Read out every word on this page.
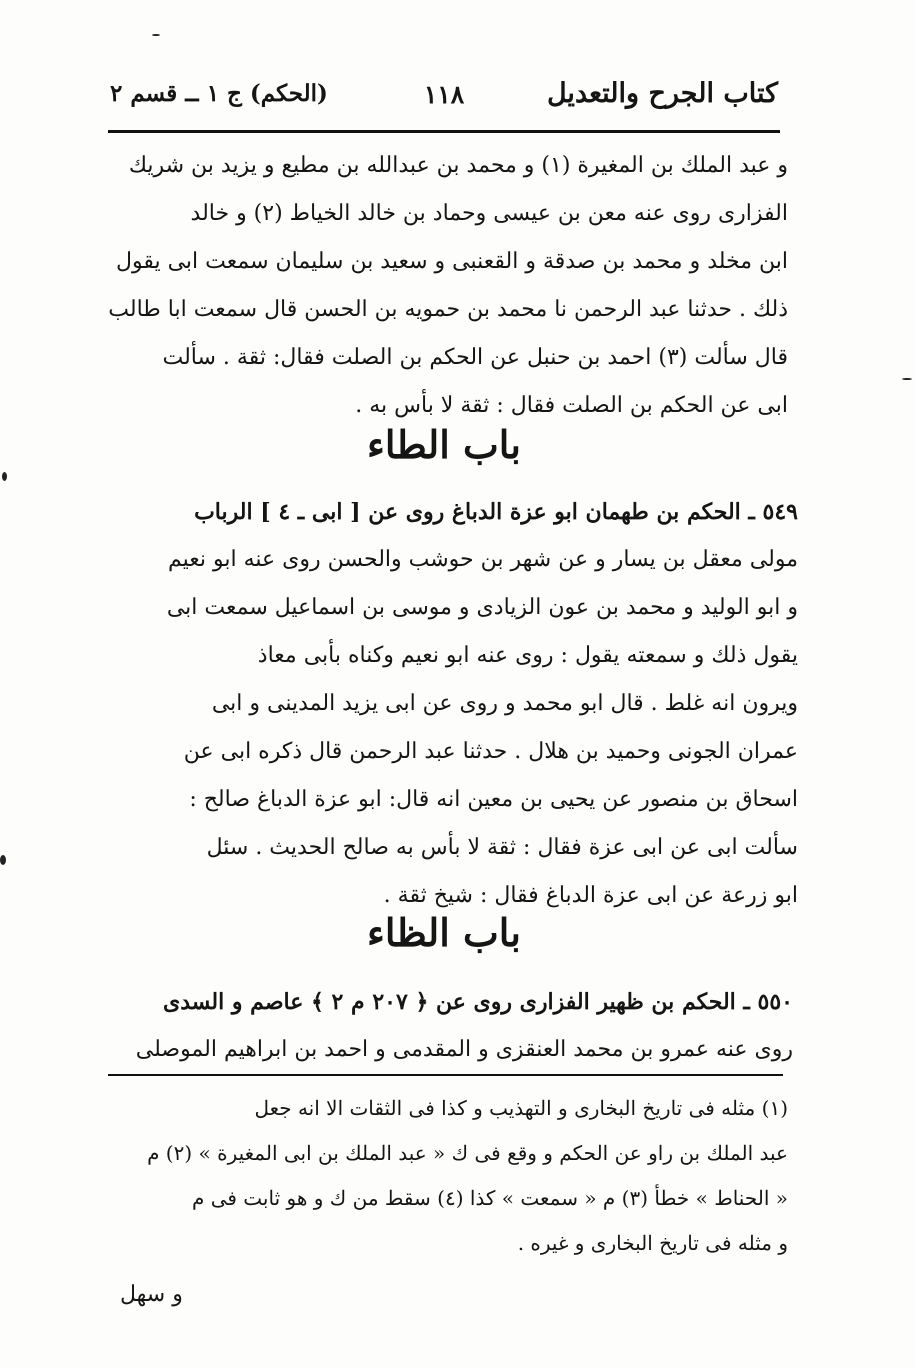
كتاب الجرح والتعديل
١١٨
(الحكم) ج ١ ــ قسم ٢
و عبد الملك بن المغيرة (١) و محمد بن عبدالله بن مطيع و يزيد بن شريك
الفزارى روى عنه معن بن عيسى وحماد بن خالد الخياط (٢) و خالد
ابن مخلد و محمد بن صدقة و القعنبى و سعيد بن سليمان سمعت ابى يقول
ذلك . حدثنا عبد الرحمن نا محمد بن حمويه بن الحسن قال سمعت ابا طالب
قال سألت (٣) احمد بن حنبل عن الحكم بن الصلت فقال: ثقة . سألت
ابى عن الحكم بن الصلت فقال : ثقة لا بأس به .
باب الطاء
٥٤٩ ـ الحكم بن طهمان ابو عزة الدباغ روى عن [ ابى ـ ٤ ] الرباب
مولى معقل بن يسار و عن شهر بن حوشب والحسن روى عنه ابو نعيم
و ابو الوليد و محمد بن عون الزيادى و موسى بن اسماعيل سمعت ابى
يقول ذلك و سمعته يقول : روى عنه ابو نعيم وكناه بأبى معاذ
ويرون انه غلط . قال ابو محمد و روى عن ابى يزيد المدينى و ابى
عمران الجونى وحميد بن هلال . حدثنا عبد الرحمن قال ذكره ابى عن
اسحاق بن منصور عن يحيى بن معين انه قال: ابو عزة الدباغ صالح :
سألت ابى عن ابى عزة فقال : ثقة لا بأس به صالح الحديث . سئل
ابو زرعة عن ابى عزة الدباغ فقال : شيخ ثقة .
باب الظاء
٥٥٠ ـ الحكم بن ظهير الفزارى روى عن ﴿ ٢٠٧ م ٢ ﴾ عاصم و السدى
روى عنه عمرو بن محمد العنقزى و المقدمى و احمد بن ابراهيم الموصلى
(١) مثله فى تاريخ البخارى و التهذيب و كذا فى الثقات الا انه جعل
عبد الملك بن راو عن الحكم و وقع فى ك « عبد الملك بن ابى المغيرة » (٢) م
« الحناط » خطأ (٣) م « سمعت » كذا (٤) سقط من ك و هو ثابت فى م
و مثله فى تاريخ البخارى و غيره .
و سهل
